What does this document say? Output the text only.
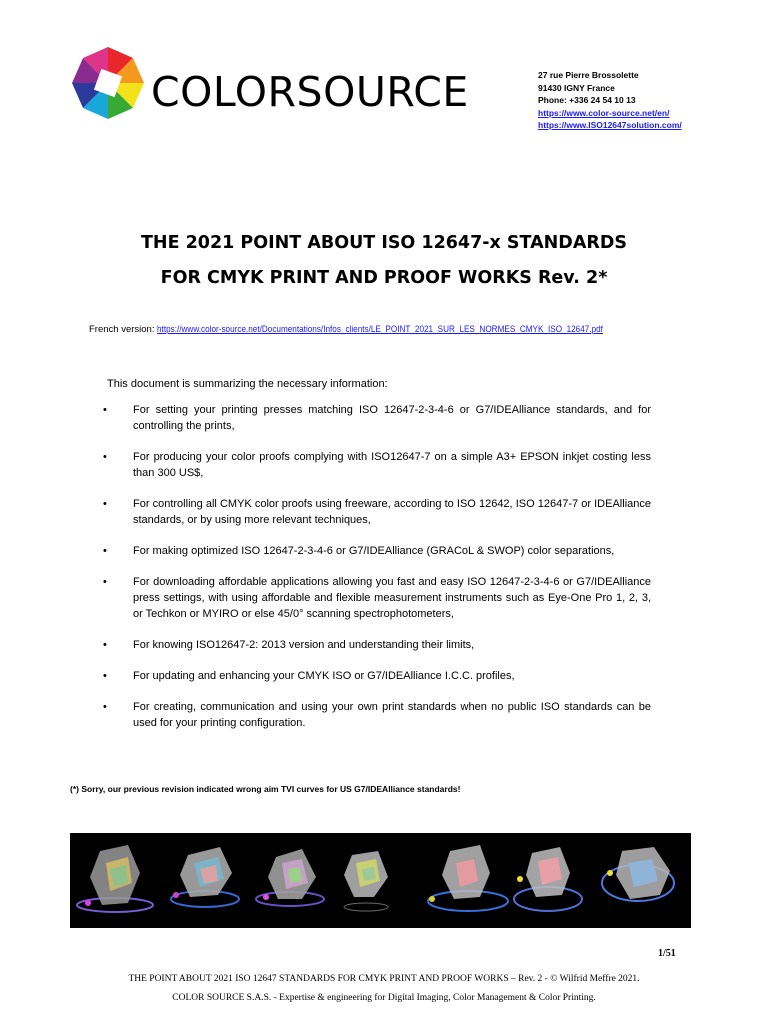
COLORSOURCE	27 rue Pierre Brossolette
91430 IGNY France
Phone: +336 24 54 10 13
https://www.color-source.net/en/
https://www.ISO12647solution.com/
THE 2021 POINT ABOUT ISO 12647-x STANDARDS
FOR CMYK PRINT AND PROOF WORKS Rev. 2*
French version: https://www.color-source.net/Documentations/Infos_clients/LE_POINT_2021_SUR_LES_NORMES_CMYK_ISO_12647.pdf
This document is summarizing the necessary information:
• For setting your printing presses matching ISO 12647-2-3-4-6 or G7/IDEAlliance standards, and for controlling the prints,
• For producing your color proofs complying with ISO12647-7 on a simple A3+ EPSON inkjet costing less than 300 US$,
• For controlling all CMYK color proofs using freeware, according to ISO 12642, ISO 12647-7 or IDEAlliance standards, or by using more relevant techniques,
• For making optimized ISO 12647-2-3-4-6 or G7/IDEAlliance (GRACoL & SWOP) color separations,
• For downloading affordable applications allowing you fast and easy ISO 12647-2-3-4-6 or G7/IDEAlliance press settings, with using affordable and flexible measurement instruments such as Eye-One Pro 1, 2, 3, or Techkon or MYIRO or else 45/0° scanning spectrophotometers,
• For knowing ISO12647-2: 2013 version and understanding their limits,
• For updating and enhancing your CMYK ISO or G7/IDEAlliance I.C.C. profiles,
• For creating, communication and using your own print standards when no public ISO standards can be used for your printing configuration.
(*) Sorry, our previous revision indicated wrong aim TVI curves for US G7/IDEAlliance standards!
1/51
THE POINT ABOUT 2021 ISO 12647 STANDARDS FOR CMYK PRINT AND PROOF WORKS – Rev. 2 - © Wilfrid Meffre 2021.
COLOR SOURCE S.A.S. - Expertise & engineering for Digital Imaging, Color Management & Color Printing.
